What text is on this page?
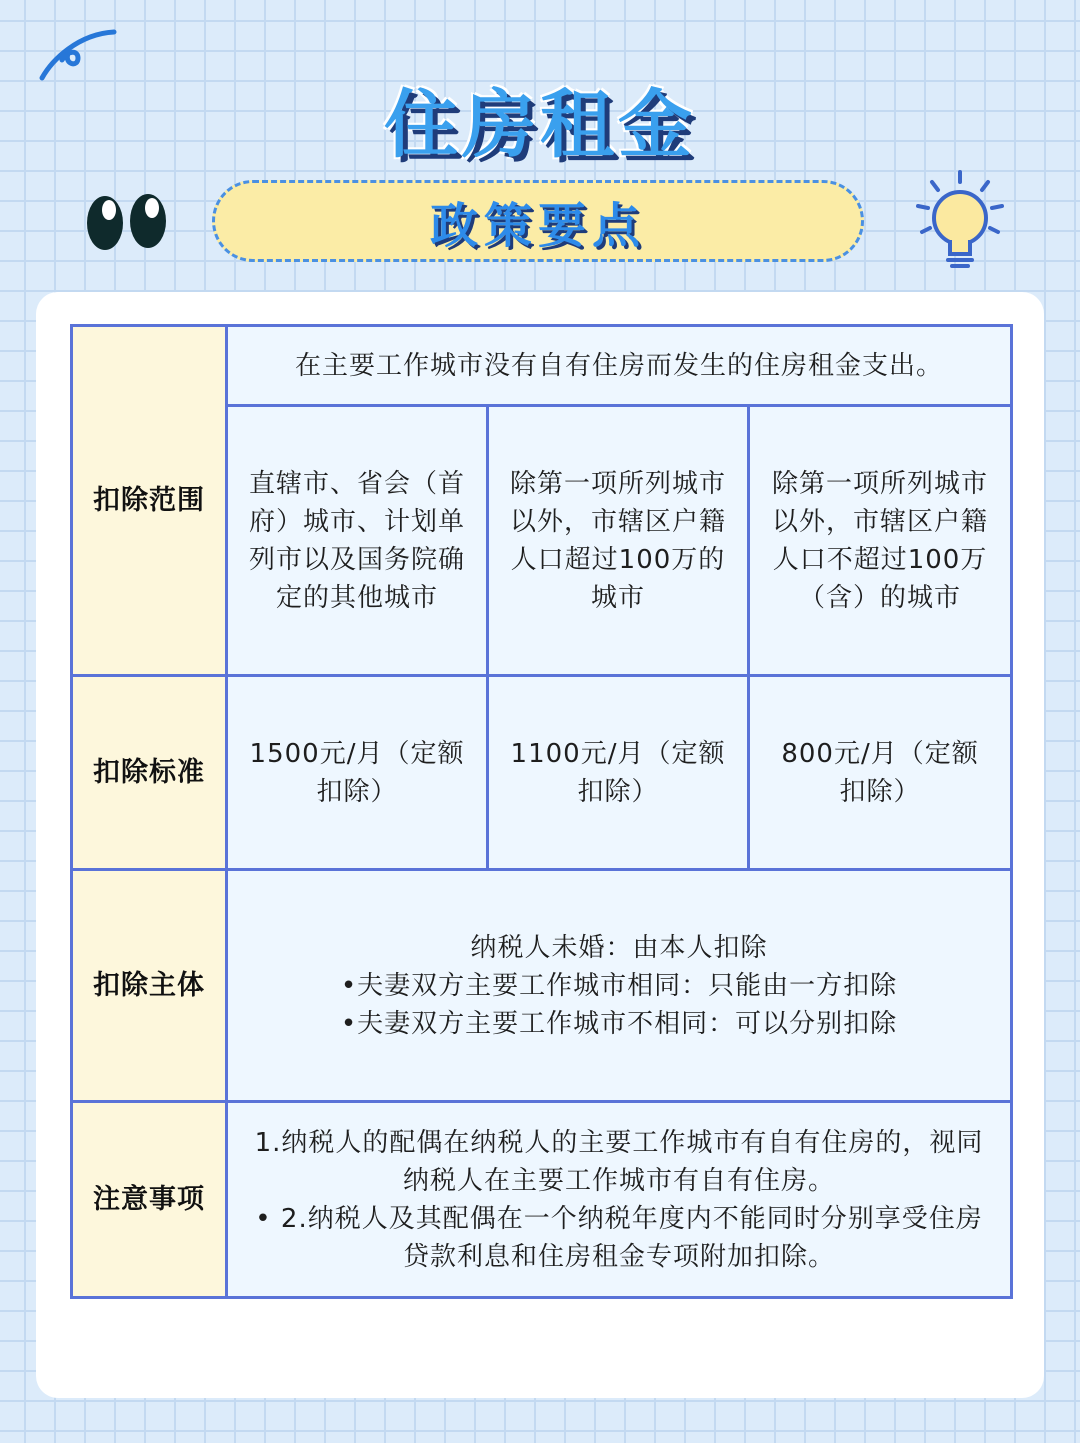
住房租金
政策要点
扣除范围	在主要工作城市没有自有住房而发生的住房租金支出。		
	直辖市、省会（首府）城市、计划单列市以及国务院确定的其他城市	除第一项所列城市以外，市辖区户籍人口超过100万的城市	除第一项所列城市以外，市辖区户籍人口不超过100万（含）的城市
扣除标准	1500元/月（定额扣除）	1100元/月（定额扣除）	800元/月（定额扣除）
扣除主体	纳税人未婚：由本人扣除
•夫妻双方主要工作城市相同：只能由一方扣除
•夫妻双方主要工作城市不相同：可以分别扣除		

注意事项	1.纳税人的配偶在纳税人的主要工作城市有自有住房的，视同纳税人在主要工作城市有自有住房。
• 2.纳税人及其配偶在一个纳税年度内不能同时分别享受住房贷款利息和住房租金专项附加扣除。		
